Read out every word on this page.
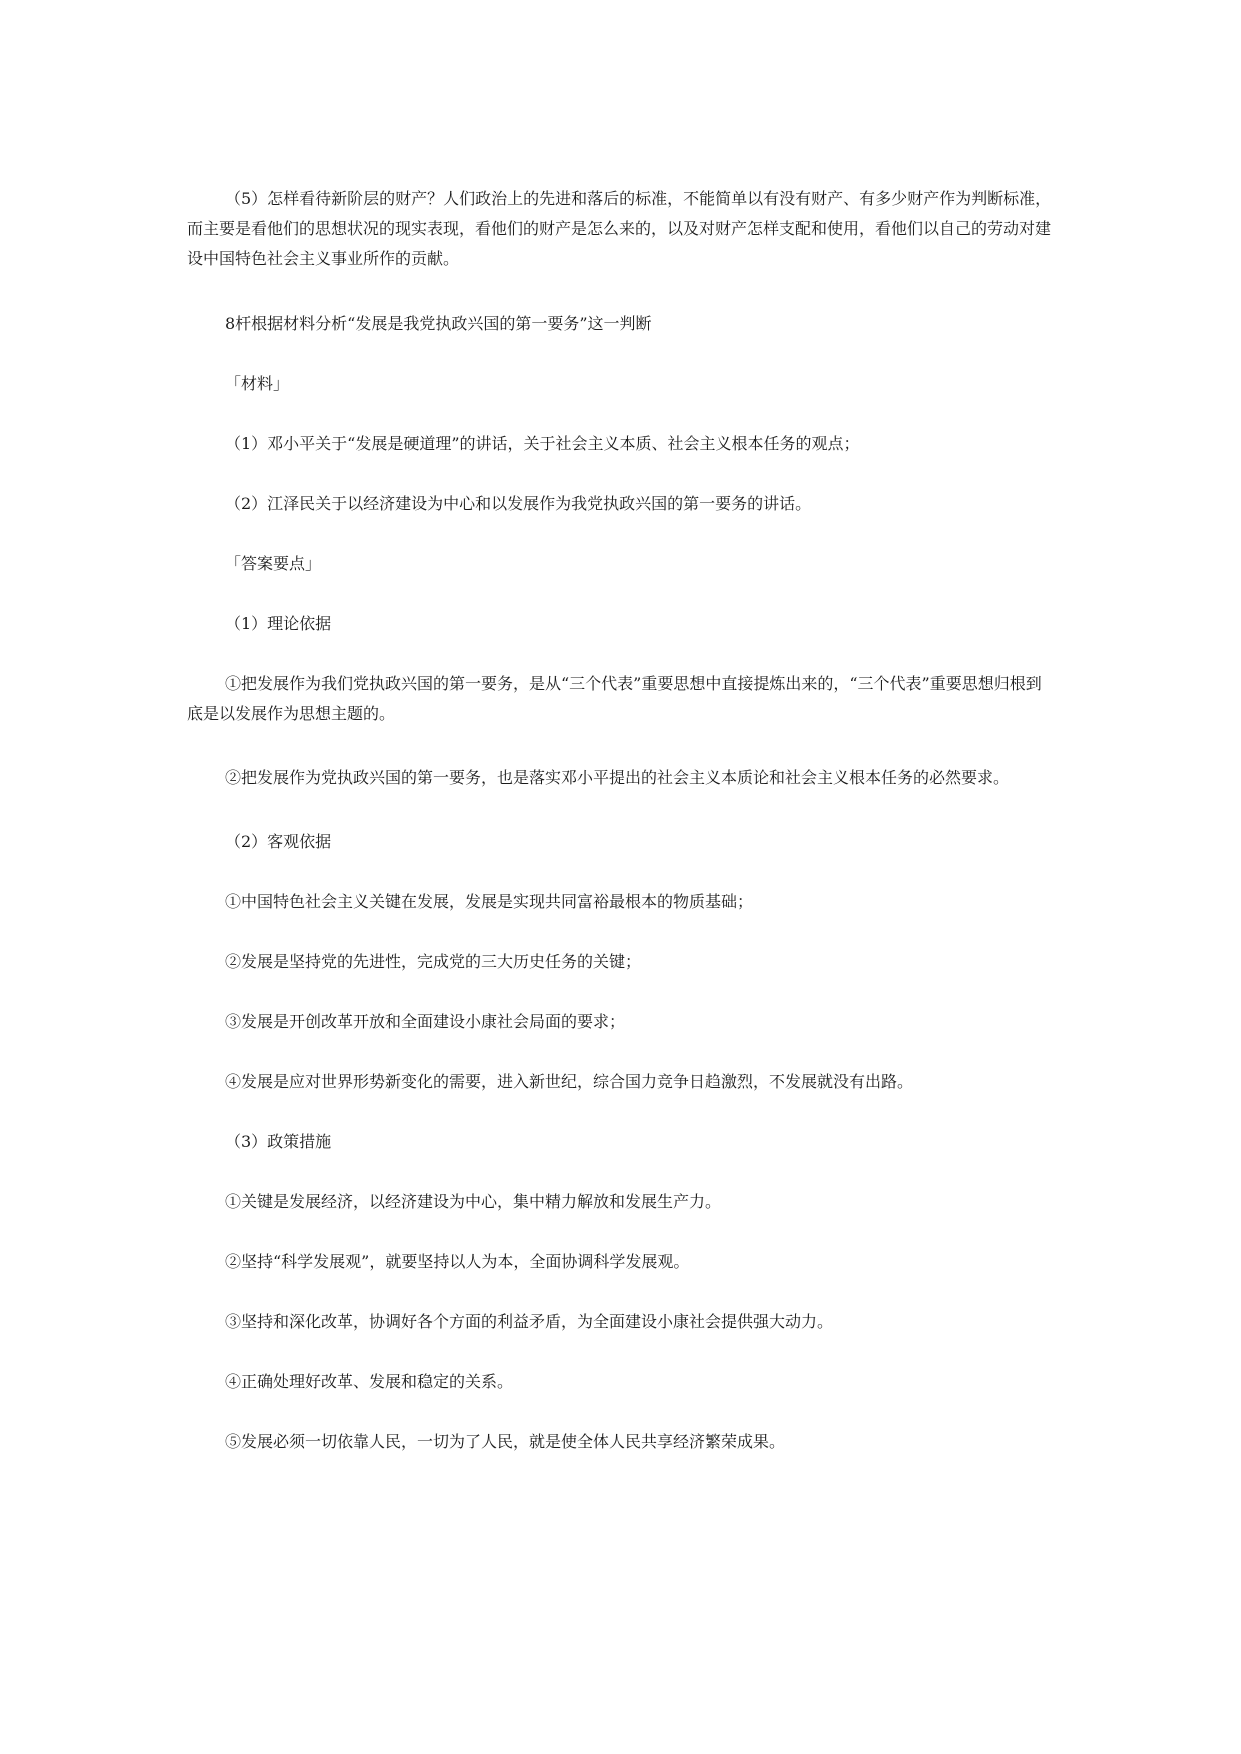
（5）怎样看待新阶层的财产？人们政治上的先进和落后的标准，不能简单以有没有财产、有多少财产作为判断标准，而主要是看他们的思想状况的现实表现，看他们的财产是怎么来的，以及对财产怎样支配和使用，看他们以自己的劳动对建设中国特色社会主义事业所作的贡献。

8杆根据材料分析“发展是我党执政兴国的第一要务”这一判断

「材料」

（1）邓小平关于“发展是硬道理”的讲话，关于社会主义本质、社会主义根本任务的观点；

（2）江泽民关于以经济建设为中心和以发展作为我党执政兴国的第一要务的讲话。

「答案要点」

（1）理论依据

①把发展作为我们党执政兴国的第一要务，是从“三个代表”重要思想中直接提炼出来的，“三个代表”重要思想归根到底是以发展作为思想主题的。

②把发展作为党执政兴国的第一要务，也是落实邓小平提出的社会主义本质论和社会主义根本任务的必然要求。

（2）客观依据

①中国特色社会主义关键在发展，发展是实现共同富裕最根本的物质基础；

②发展是坚持党的先进性，完成党的三大历史任务的关键；

③发展是开创改革开放和全面建设小康社会局面的要求；

④发展是应对世界形势新变化的需要，进入新世纪，综合国力竞争日趋激烈，不发展就没有出路。

（3）政策措施

①关键是发展经济，以经济建设为中心，集中精力解放和发展生产力。

②坚持“科学发展观”，就要坚持以人为本，全面协调科学发展观。

③坚持和深化改革，协调好各个方面的利益矛盾，为全面建设小康社会提供强大动力。

④正确处理好改革、发展和稳定的关系。

⑤发展必须一切依靠人民，一切为了人民，就是使全体人民共享经济繁荣成果。
